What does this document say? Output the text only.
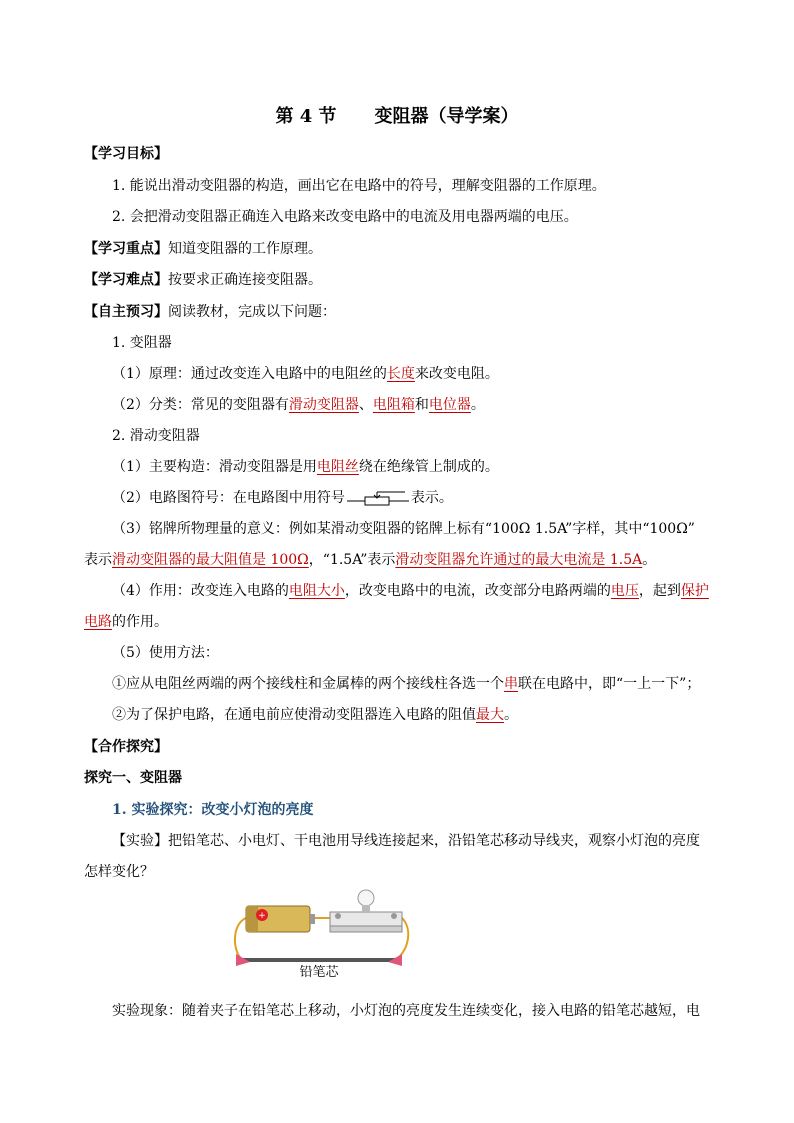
第 4 节 变阻器（导学案）
【学习目标】
1. 能说出滑动变阻器的构造，画出它在电路中的符号，理解变阻器的工作原理。
2. 会把滑动变阻器正确连入电路来改变电路中的电流及用电器两端的电压。
【学习重点】知道变阻器的工作原理。
【学习难点】按要求正确连接变阻器。
【自主预习】阅读教材，完成以下问题：
1. 变阻器
（1）原理：通过改变连入电路中的电阻丝的长度来改变电阻。
（2）分类：常见的变阻器有滑动变阻器、电阻箱和电位器。
2. 滑动变阻器
（1）主要构造：滑动变阻器是用电阻丝绕在绝缘管上制成的。
（2）电路图符号：在电路图中用符号	表示。
（3）铭牌所物理量的意义：例如某滑动变阻器的铭牌上标有“100Ω 1.5A”字样，其中“100Ω”
表示滑动变阻器的最大阻值是 100Ω，“1.5A”表示滑动变阻器允许通过的最大电流是 1.5A。
（4）作用：改变连入电路的电阻大小，改变电路中的电流，改变部分电路两端的电压，起到保护
电路的作用。
（5）使用方法：
①应从电阻丝两端的两个接线柱和金属棒的两个接线柱各选一个串联在电路中，即“一上一下”；
②为了保护电路，在通电前应使滑动变阻器连入电路的阻值最大。
【合作探究】
探究一、变阻器
1. 实验探究：改变小灯泡的亮度
【实验】把铅笔芯、小电灯、干电池用导线连接起来，沿铅笔芯移动导线夹，观察小灯泡的亮度
怎样变化？
+
铅笔芯
实验现象：随着夹子在铅笔芯上移动，小灯泡的亮度发生连续变化，接入电路的铅笔芯越短，电
